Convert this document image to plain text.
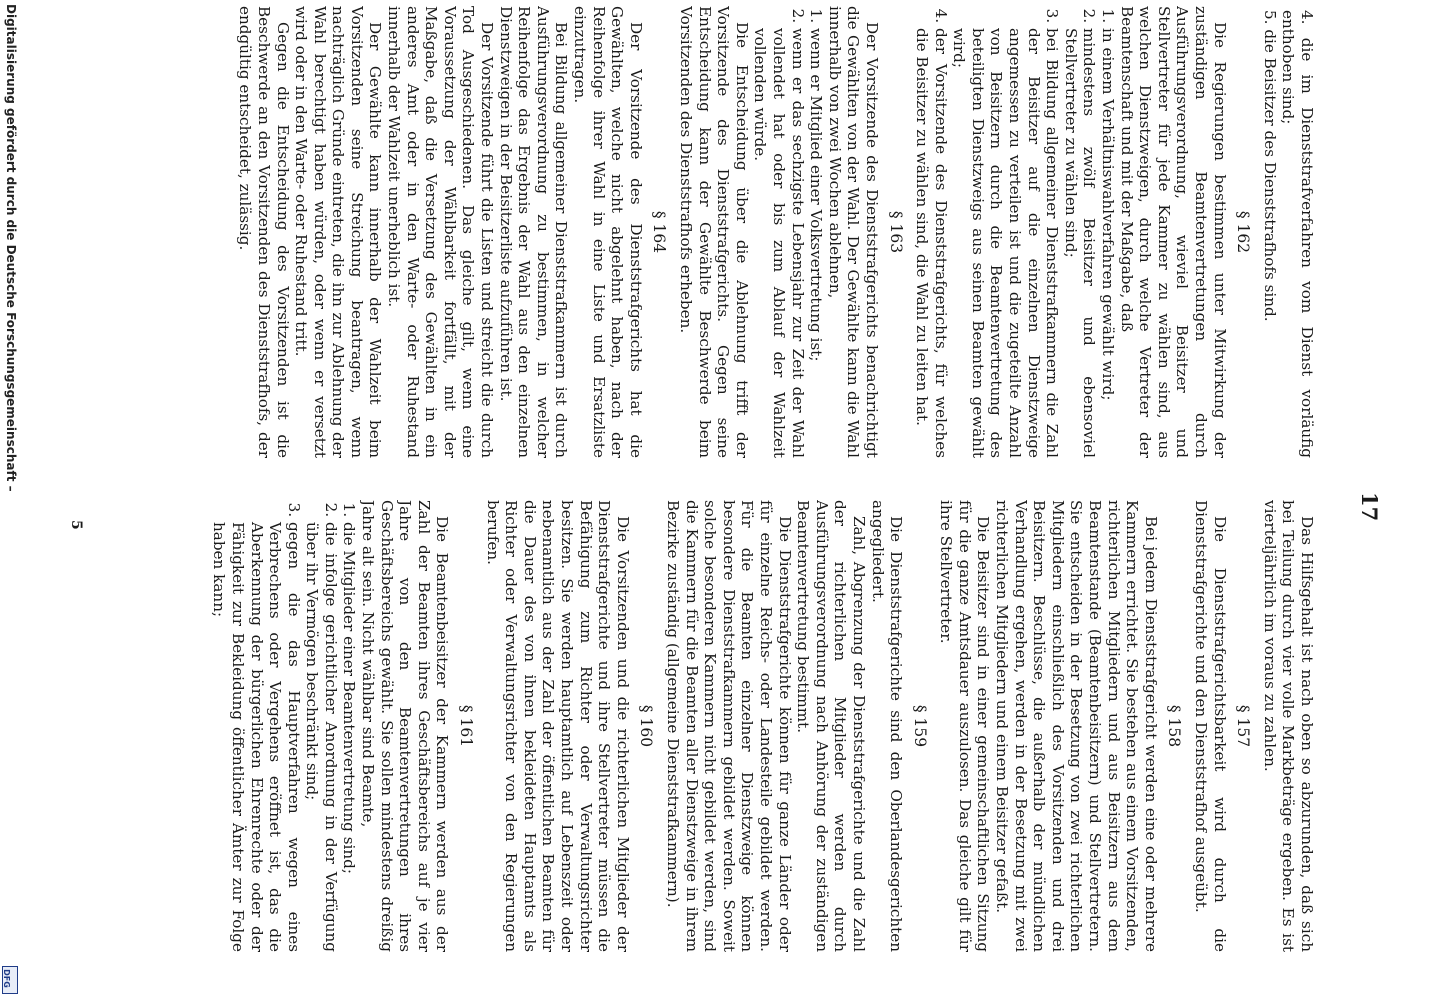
17

Das Hilfsgehalt ist nach oben so abzurunden, daß sich bei Teilung durch vier volle Markbeträge ergeben. Es ist vierteljährlich im voraus zu zahlen.

§ 157

Die Dienststrafgerichtsbarkeit wird durch die Dienststrafgerichte und den Dienststrafhof ausgeübt.

§ 158

Bei jedem Dienststrafgericht werden eine oder mehrere Kammern errichtet. Sie bestehen aus einem Vorsitzenden, richterlichen Mitgliedern und aus Beisitzern aus dem Beamtenstande (Beamtenbeisitzern) und Stellvertretern. Sie entscheiden in der Besetzung von zwei richterlichen Mitgliedern einschließlich des Vorsitzenden und drei Beisitzern. Beschlüsse, die außerhalb der mündlichen Verhandlung ergehen, werden in der Besetzung mit zwei richterlichen Mitgliedern und einem Beisitzer gefaßt.

Die Beisitzer sind in einer gemeinschaftlichen Sitzung für die ganze Amtsdauer auszulosen. Das gleiche gilt für ihre Stellvertreter.

§ 159

Die Dienststrafgerichte sind den Oberlandesgerichten angegliedert.

Zahl, Abgrenzung der Dienststrafgerichte und die Zahl der richterlichen Mitglieder werden durch Ausführungsverordnung nach Anhörung der zuständigen Beamtenvertretung bestimmt.

Die Dienststrafgerichte können für ganze Länder oder für einzelne Reichs- oder Landesteile gebildet werden. Für die Beamten einzelner Dienstzweige können besondere Dienststrafkammern gebildet werden. Soweit solche besonderen Kammern nicht gebildet werden, sind die Kammern für die Beamten aller Dienstzweige in ihrem Bezirke zuständig (allgemeine Dienststrafkammern).

§ 160

Die Vorsitzenden und die richterlichen Mitglieder der Dienststrafgerichte und ihre Stellvertreter müssen die Befähigung zum Richter oder Verwaltungsrichter besitzen. Sie werden hauptamtlich auf Lebenszeit oder nebenamtlich aus der Zahl der öffentlichen Beamten für die Dauer des von ihnen bekleideten Hauptamts als Richter oder Verwaltungsrichter von den Regierungen berufen.

§ 161

Die Beamtenbeisitzer der Kammern werden aus der Zahl der Beamten ihres Geschäftsbereichs auf je vier Jahre von den Beamtenvertretungen ihres Geschäftsbereichs gewählt. Sie sollen mindestens dreißig Jahre alt sein. Nicht wählbar sind Beamte,

1. die Mitglieder einer Beamtenvertretung sind;
2. die infolge gerichtlicher Anordnung in der Verfügung über ihr Vermögen beschränkt sind;
3. gegen die das Hauptverfahren wegen eines Verbrechens oder Vergehens eröffnet ist, das die Aberkennung der bürgerlichen Ehrenrechte oder der Fähigkeit zur Bekleidung öffentlicher Ämter zur Folge haben kann;
4. die im Dienststrafverfahren vom Dienst vorläufig enthoben sind;
5. die Beisitzer des Dienststrafhofs sind.
§ 162

Die Regierungen bestimmen unter Mitwirkung der zuständigen Beamtenvertretungen durch Ausführungsverordnung, wieviel Beisitzer und Stellvertreter für jede Kammer zu wählen sind, aus welchen Dienstzweigen, durch welche Vertreter der Beamtenschaft und mit der Maßgabe, daß

1. in einem Verhältniswahlverfahren gewählt wird;
2. mindestens zwölf Beisitzer und ebensoviel Stellvertreter zu wählen sind;
3. bei Bildung allgemeiner Dienststrafkammern die Zahl der Beisitzer auf die einzelnen Dienstzweige angemessen zu verteilen ist und die zugeteilte Anzahl von Beisitzern durch die Beamtenvertretung des beteiligten Dienstzweigs aus seinen Beamten gewählt wird;
4. der Vorsitzende des Dienststrafgerichts, für welches die Beisitzer zu wählen sind, die Wahl zu leiten hat.
§ 163

Der Vorsitzende des Dienststrafgerichts benachrichtigt die Gewählten von der Wahl. Der Gewählte kann die Wahl innerhalb von zwei Wochen ablehnen,

1. wenn er Mitglied einer Volksvertretung ist;
2. wenn er das sechzigste Lebensjahr zur Zeit der Wahl vollendet hat oder bis zum Ablauf der Wahlzeit vollenden würde.

Die Entscheidung über die Ablehnung trifft der Vorsitzende des Dienststrafgerichts. Gegen seine Entscheidung kann der Gewählte Beschwerde beim Vorsitzenden des Dienststrafhofs erheben.

§ 164

Der Vorsitzende des Dienststrafgerichts hat die Gewählten, welche nicht abgelehnt haben, nach der Reihenfolge ihrer Wahl in eine Liste und Ersatzliste einzutragen.

Bei Bildung allgemeiner Dienststrafkammern ist durch Ausführungsverordnung zu bestimmen, in welcher Reihenfolge das Ergebnis der Wahl aus den einzelnen Dienstzweigen in der Beisitzerliste aufzuführen ist.

Der Vorsitzende führt die Listen und streicht die durch Tod Ausgeschiedenen. Das gleiche gilt, wenn eine Voraussetzung der Wählbarkeit fortfällt, mit der Maßgabe, daß die Versetzung des Gewählten in ein anderes Amt oder in den Warte- oder Ruhestand innerhalb der Wahlzeit unerheblich ist.

Der Gewählte kann innerhalb der Wahlzeit beim Vorsitzenden seine Streichung beantragen, wenn nachträglich Gründe eintreten, die ihn zur Ablehnung der Wahl berechtigt haben würden, oder wenn er versetzt wird oder in den Warte- oder Ruhestand tritt.

Gegen die Entscheidung des Vorsitzenden ist die Beschwerde an den Vorsitzenden des Dienststrafhofs, der endgültig entscheidet, zulässig.

5
Digitalisierung gefördert durch die Deutsche Forschungsgemeinschaft –
DFG
